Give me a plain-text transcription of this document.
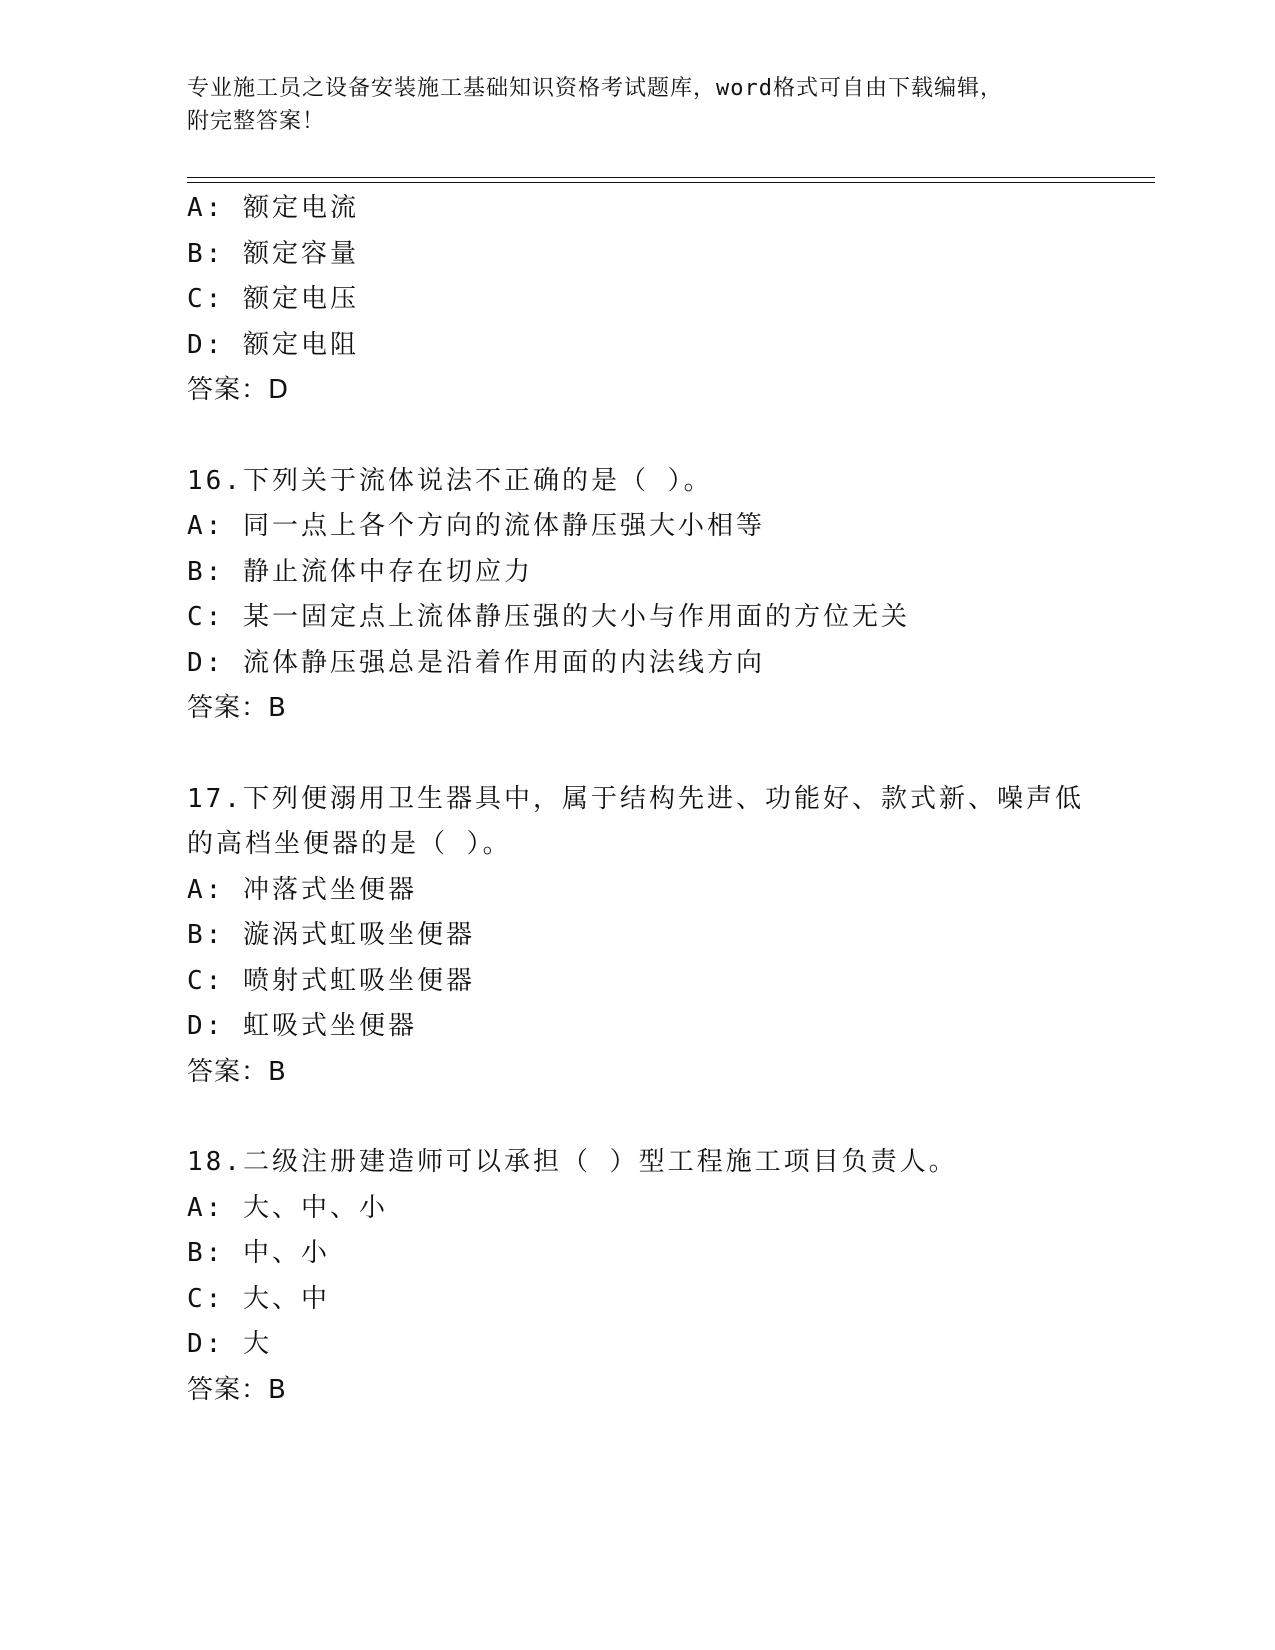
专业施工员之设备安装施工基础知识资格考试题库，word格式可自由下载编辑，
附完整答案！
A: 额定电流
B: 额定容量
C: 额定电压
D: 额定电阻
答案：D
16.下列关于流体说法不正确的是（ ）。
A: 同一点上各个方向的流体静压强大小相等
B: 静止流体中存在切应力
C: 某一固定点上流体静压强的大小与作用面的方位无关
D: 流体静压强总是沿着作用面的内法线方向
答案：B
17.下列便溺用卫生器具中，属于结构先进、功能好、款式新、噪声低
的高档坐便器的是（ ）。
A: 冲落式坐便器
B: 漩涡式虹吸坐便器
C: 喷射式虹吸坐便器
D: 虹吸式坐便器
答案：B
18.二级注册建造师可以承担（ ）型工程施工项目负责人。
A: 大、中、小
B: 中、小
C: 大、中
D: 大
答案：B
